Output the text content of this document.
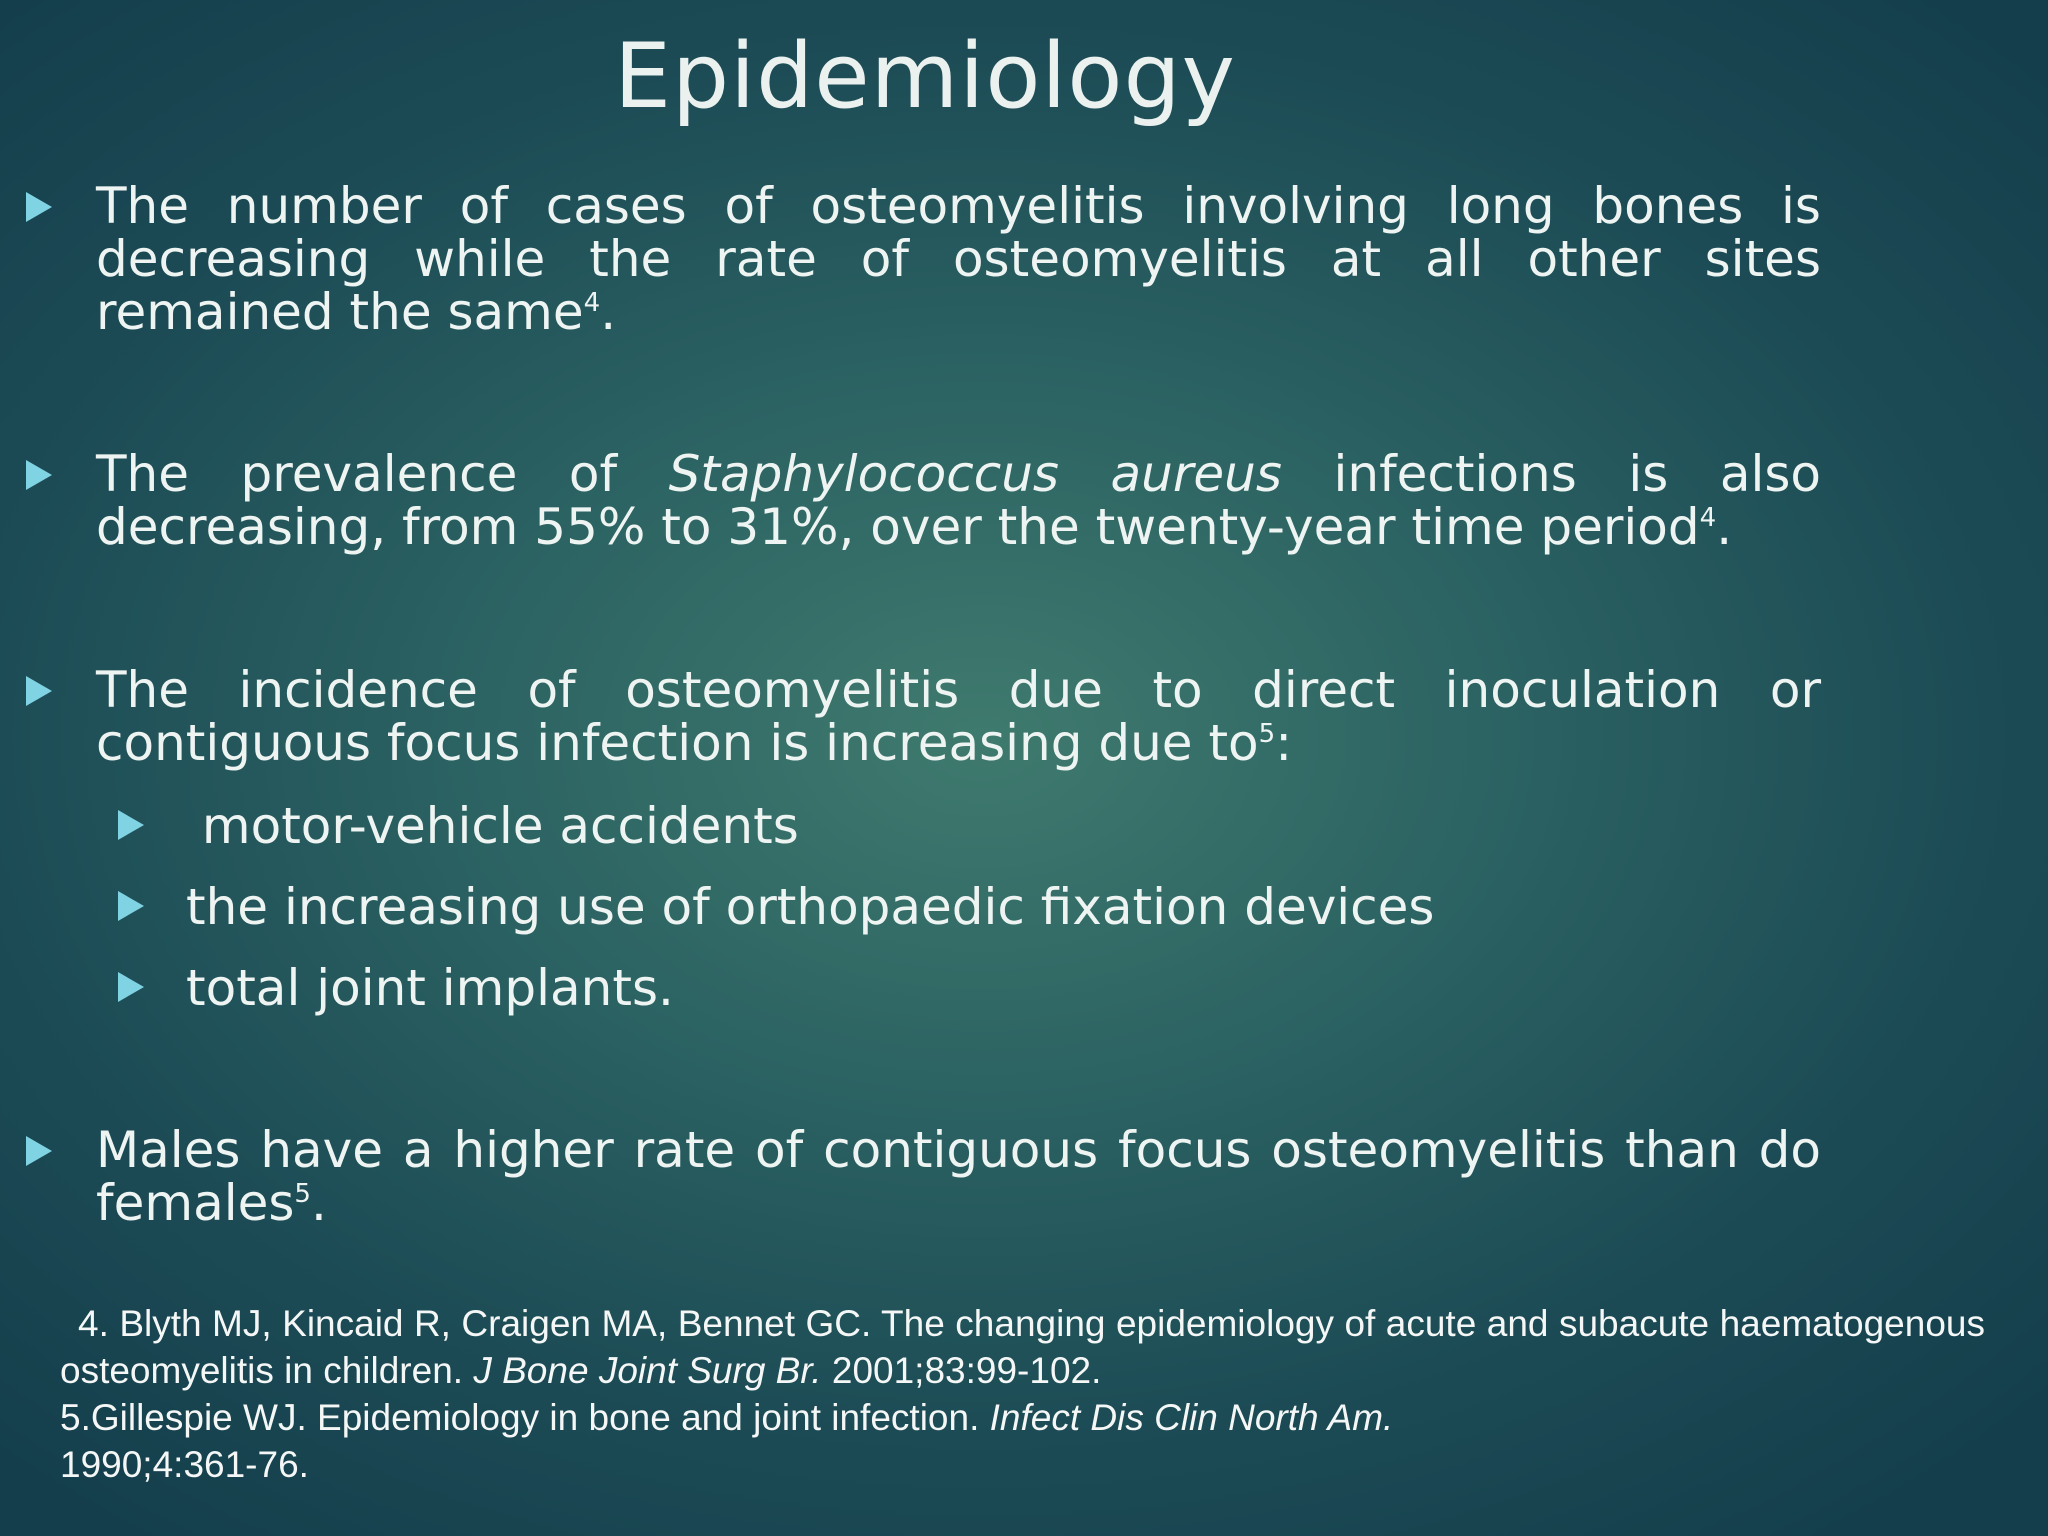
Epidemiology
The number of cases of osteomyelitis involving long bones is decreasing while the rate of osteomyelitis at all other sites remained the same$^4$.
The prevalence of Staphylococcus aureus infections is also decreasing, from 55% to 31%, over the twenty-year time period$^4$.
The incidence of osteomyelitis due to direct inoculation or contiguous focus infection is increasing due to$^5$:
motor-vehicle accidents
the increasing use of orthopaedic fixation devices
total joint implants.
Males have a higher rate of contiguous focus osteomyelitis than do females$^5$.
4. Blyth MJ, Kincaid R, Craigen MA, Bennet GC. The changing epidemiology of acute and subacute haematogenous osteomyelitis in children. J Bone Joint Surg Br. 2001;83:99-102.
5.Gillespie WJ. Epidemiology in bone and joint infection. Infect Dis Clin North Am. 1990;4:361-76.
